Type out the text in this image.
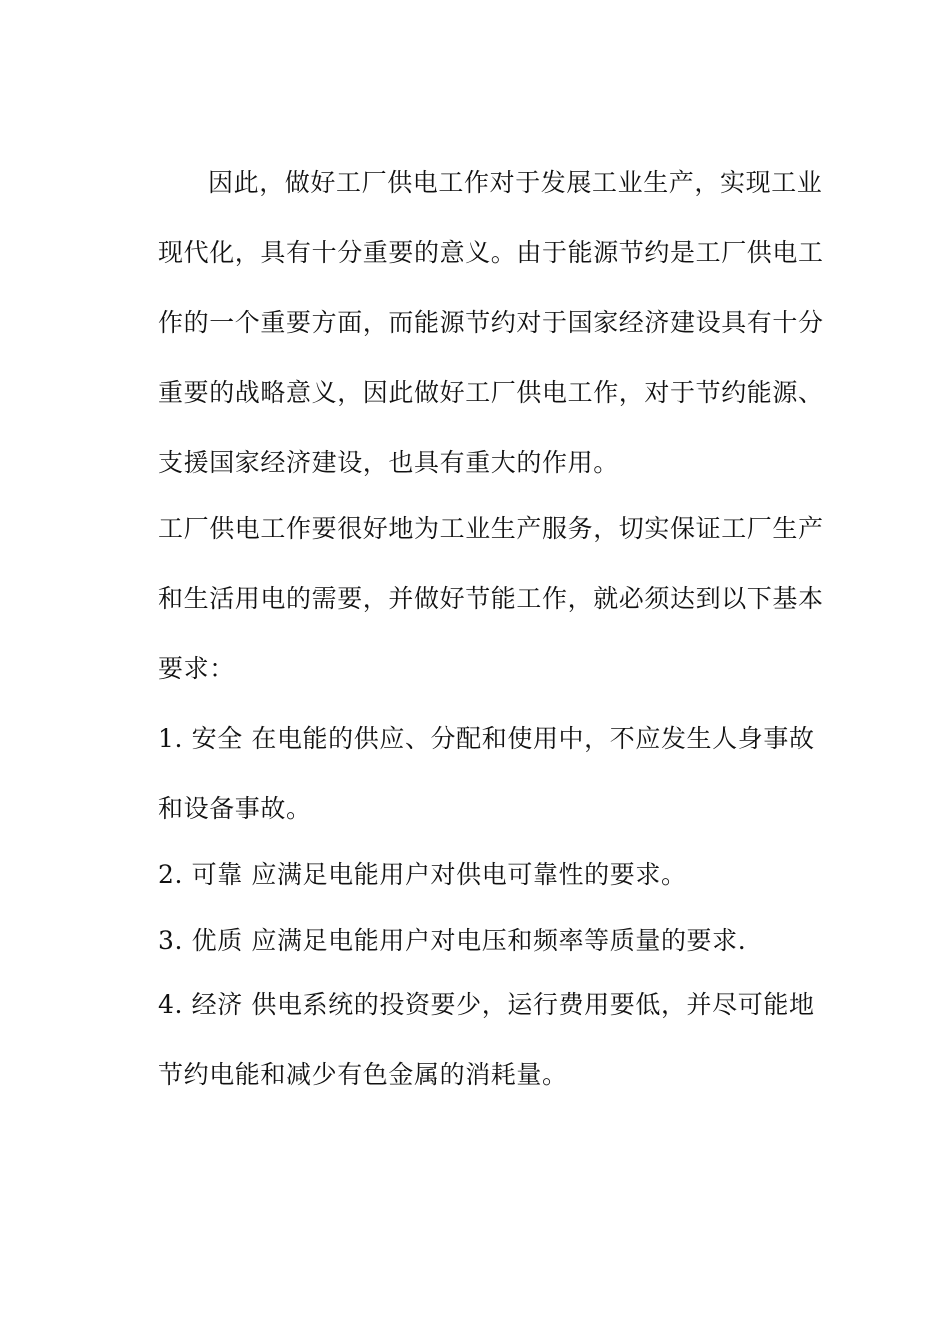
因此，做好工厂供电工作对于发展工业生产，实现工业
现代化，具有十分重要的意义。由于能源节约是工厂供电工
作的一个重要方面，而能源节约对于国家经济建设具有十分
重要的战略意义，因此做好工厂供电工作，对于节约能源、
支援国家经济建设，也具有重大的作用。
工厂供电工作要很好地为工业生产服务，切实保证工厂生产
和生活用电的需要，并做好节能工作，就必须达到以下基本
要求：
1. 安全 在电能的供应、分配和使用中，不应发生人身事故
和设备事故。
2. 可靠 应满足电能用户对供电可靠性的要求。
3. 优质 应满足电能用户对电压和频率等质量的要求.
4. 经济 供电系统的投资要少，运行费用要低，并尽可能地
节约电能和减少有色金属的消耗量。
